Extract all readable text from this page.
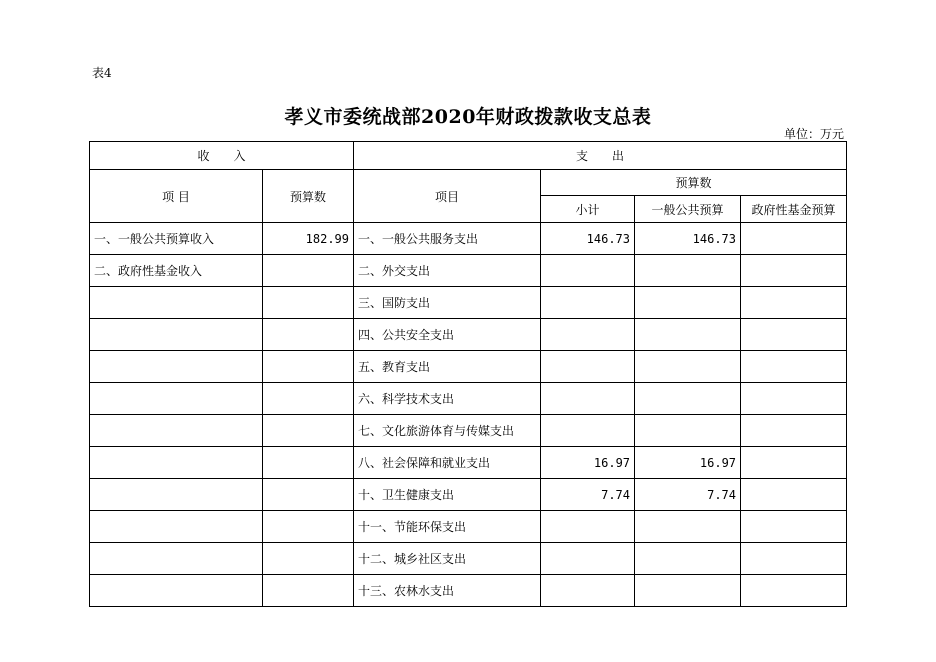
表4
孝义市委统战部2020年财政拨款收支总表
单位：万元
收　　入		支　　出			
项 目	预算数	项目	预算数		
			小计	一般公共预算	政府性基金预算
一、一般公共预算收入	182.99	一、一般公共服务支出	146.73	146.73	
二、政府性基金收入		二、外交支出			
		三、国防支出			
		四、公共安全支出			
		五、教育支出			
		六、科学技术支出			
		七、文化旅游体育与传媒支出			
		八、社会保障和就业支出	16.97	16.97	
		十、卫生健康支出	7.74	7.74	
		十一、节能环保支出			
		十二、城乡社区支出			
		十三、农林水支出			
